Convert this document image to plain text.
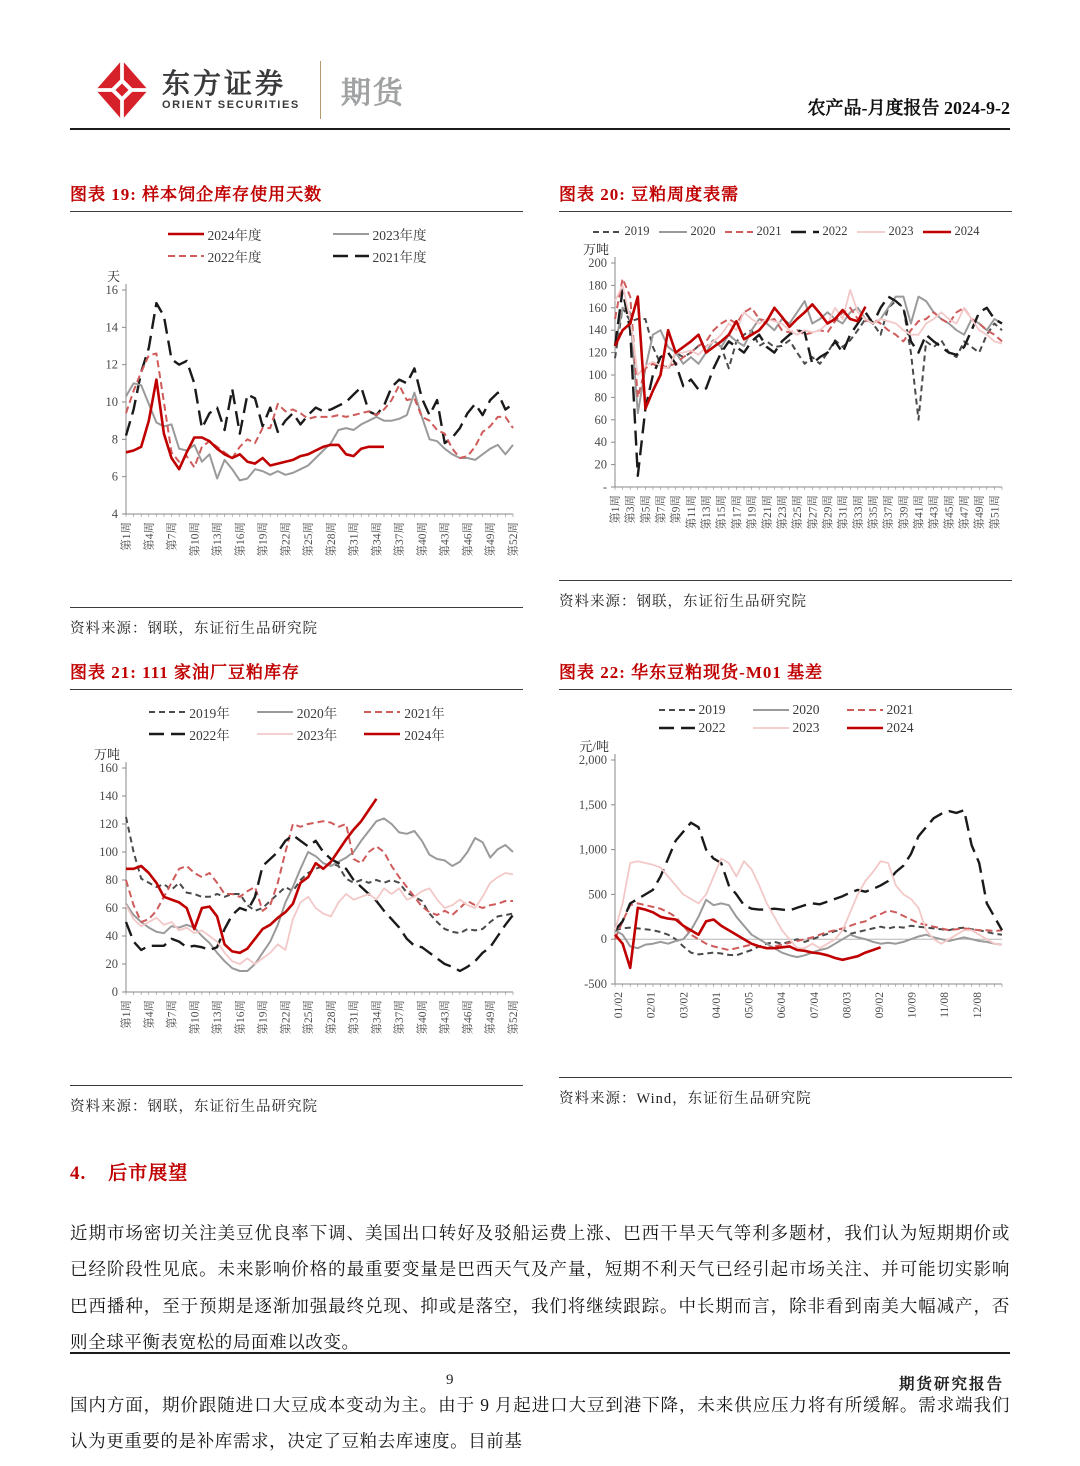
东方证券
ORIENT SECURITIES 期货	农产品-月度报告 2024-9-2
图表 19: 样本饲企库存使用天数
2024年度	2023年度
2022年度	2021年度
16
14
12
10
8
6
4
第1周 第4周 第7周 第10周 第13周 第16周 第19周 第22周 第25周 第28周 第31周 第34周 第37周 第40周 第43周 第46周 第49周 第52周
天
资料来源：钢联，东证衍生品研究院
图表 20: 豆粕周度表需
2019	2020	2021	2022	2023	2024
200
180
160
140
120
100
80
60
40
20
-
第1周 第3周 第5周 第7周 第9周 第11周 第13周 第15周 第17周 第19周 第21周 第23周 第25周 第27周 第29周 第31周 第33周 第35周 第37周 第39周 第41周 第43周 第45周 第47周 第49周 第51周
万吨
资料来源：钢联，东证衍生品研究院
图表 21: 111 家油厂豆粕库存
2019年	2020年	2021年
2022年	2023年	2024年
160
140
120
100
80
60
40
20
0
第1周 第4周 第7周 第10周 第13周 第16周 第19周 第22周 第25周 第28周 第31周 第34周 第37周 第40周 第43周 第46周 第49周 第52周
万吨
资料来源：钢联，东证衍生品研究院
图表 22: 华东豆粕现货-M01 基差
2019	2020	2021
2022	2023	2024
2,000
1,500
1,000
500
0
-500
01/02 02/01 03/02 04/01 05/05 06/04 07/04 08/03 09/02 10/09 11/08 12/08
元/吨
资料来源：Wind，东证衍生品研究院
4. 后市展望

近期市场密切关注美豆优良率下调、美国出口转好及驳船运费上涨、巴西干旱天气等利多题材，我们认为短期期价或已经阶段性见底。未来影响价格的最重要变量是巴西天气及产量，短期不利天气已经引起市场关注、并可能切实影响巴西播种，至于预期是逐渐加强最终兑现、抑或是落空，我们将继续跟踪。中长期而言，除非看到南美大幅减产，否则全球平衡表宽松的局面难以改变。

国内方面，期价跟随进口大豆成本变动为主。由于 9 月起进口大豆到港下降，未来供应压力将有所缓解。需求端我们认为更重要的是补库需求，决定了豆粕去库速度。目前基

9	期货研究报告
